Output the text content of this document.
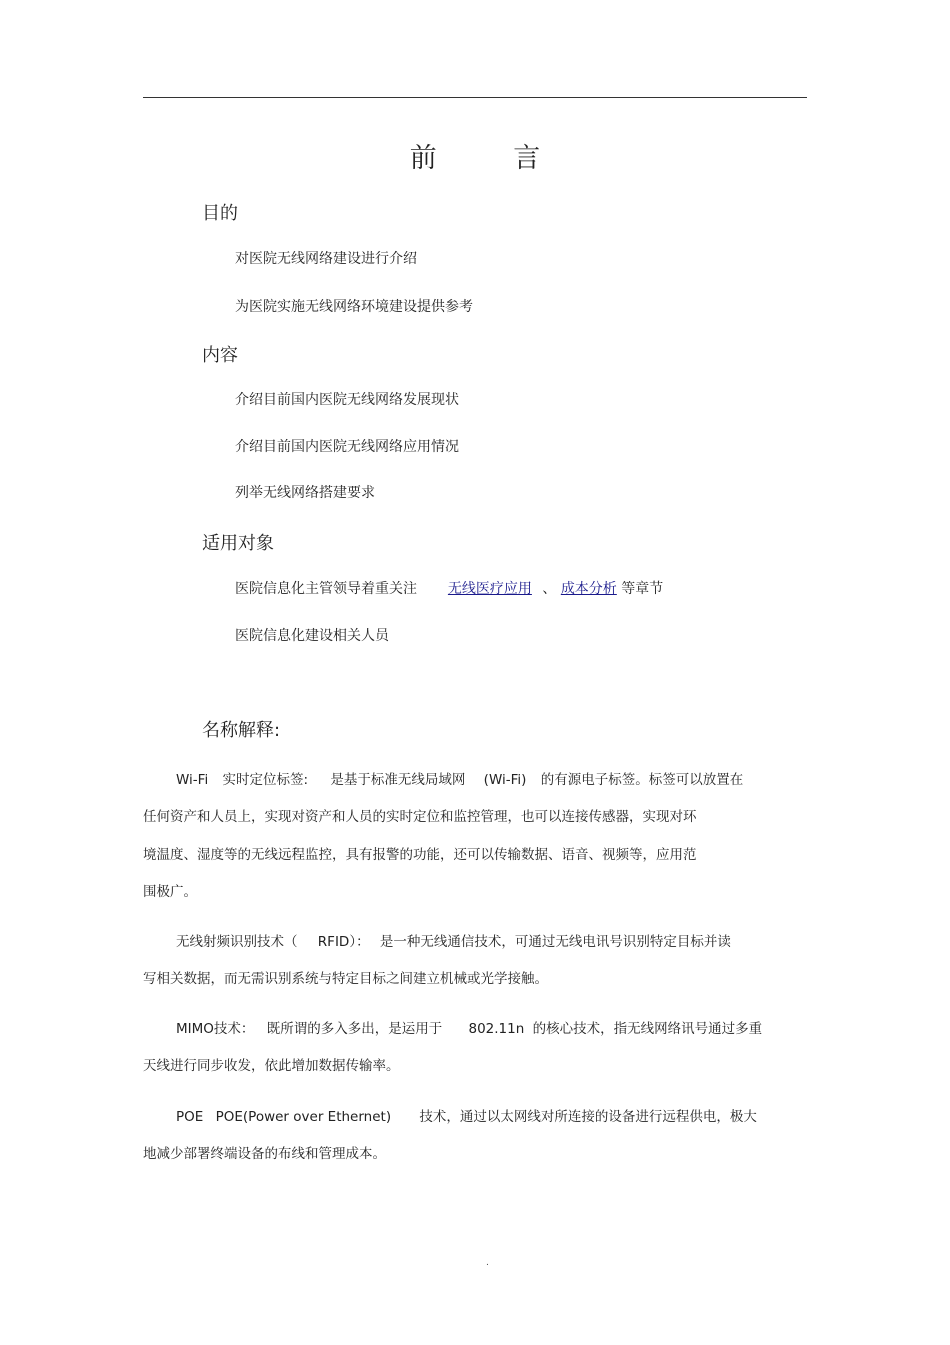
前 言
目的
对医院无线网络建设进行介绍
为医院实施无线网络环境建设提供参考
内容
介绍目前国内医院无线网络发展现状
介绍目前国内医院无线网络应用情况
列举无线网络搭建要求
适用对象
医院信息化主管领导着重关注 无线医疗应用 、 成本分析 等章节
医院信息化建设相关人员
名称解释:
Wi-Fi 实时定位标签: 是基于标准无线局域网 (Wi-Fi) 的有源电子标签。标签可以放置在
任何资产和人员上，实现对资产和人员的实时定位和监控管理，也可以连接传感器，实现对环
境温度、湿度等的无线远程监控，具有报警的功能，还可以传输数据、语音、视频等，应用范
围极广。
无线射频识别技术（ RFID）： 是一种无线通信技术，可通过无线电讯号识别特定目标并读
写相关数据，而无需识别系统与特定目标之间建立机械或光学接触。
MIMO技术： 既所谓的多入多出，是运用于 802.11n 的核心技术，指无线网络讯号通过多重
天线进行同步收发，依此增加数据传输率。
POE POE(Power over Ethernet) 技术，通过以太网线对所连接的设备进行远程供电，极大
地减少部署终端设备的布线和管理成本。
.
